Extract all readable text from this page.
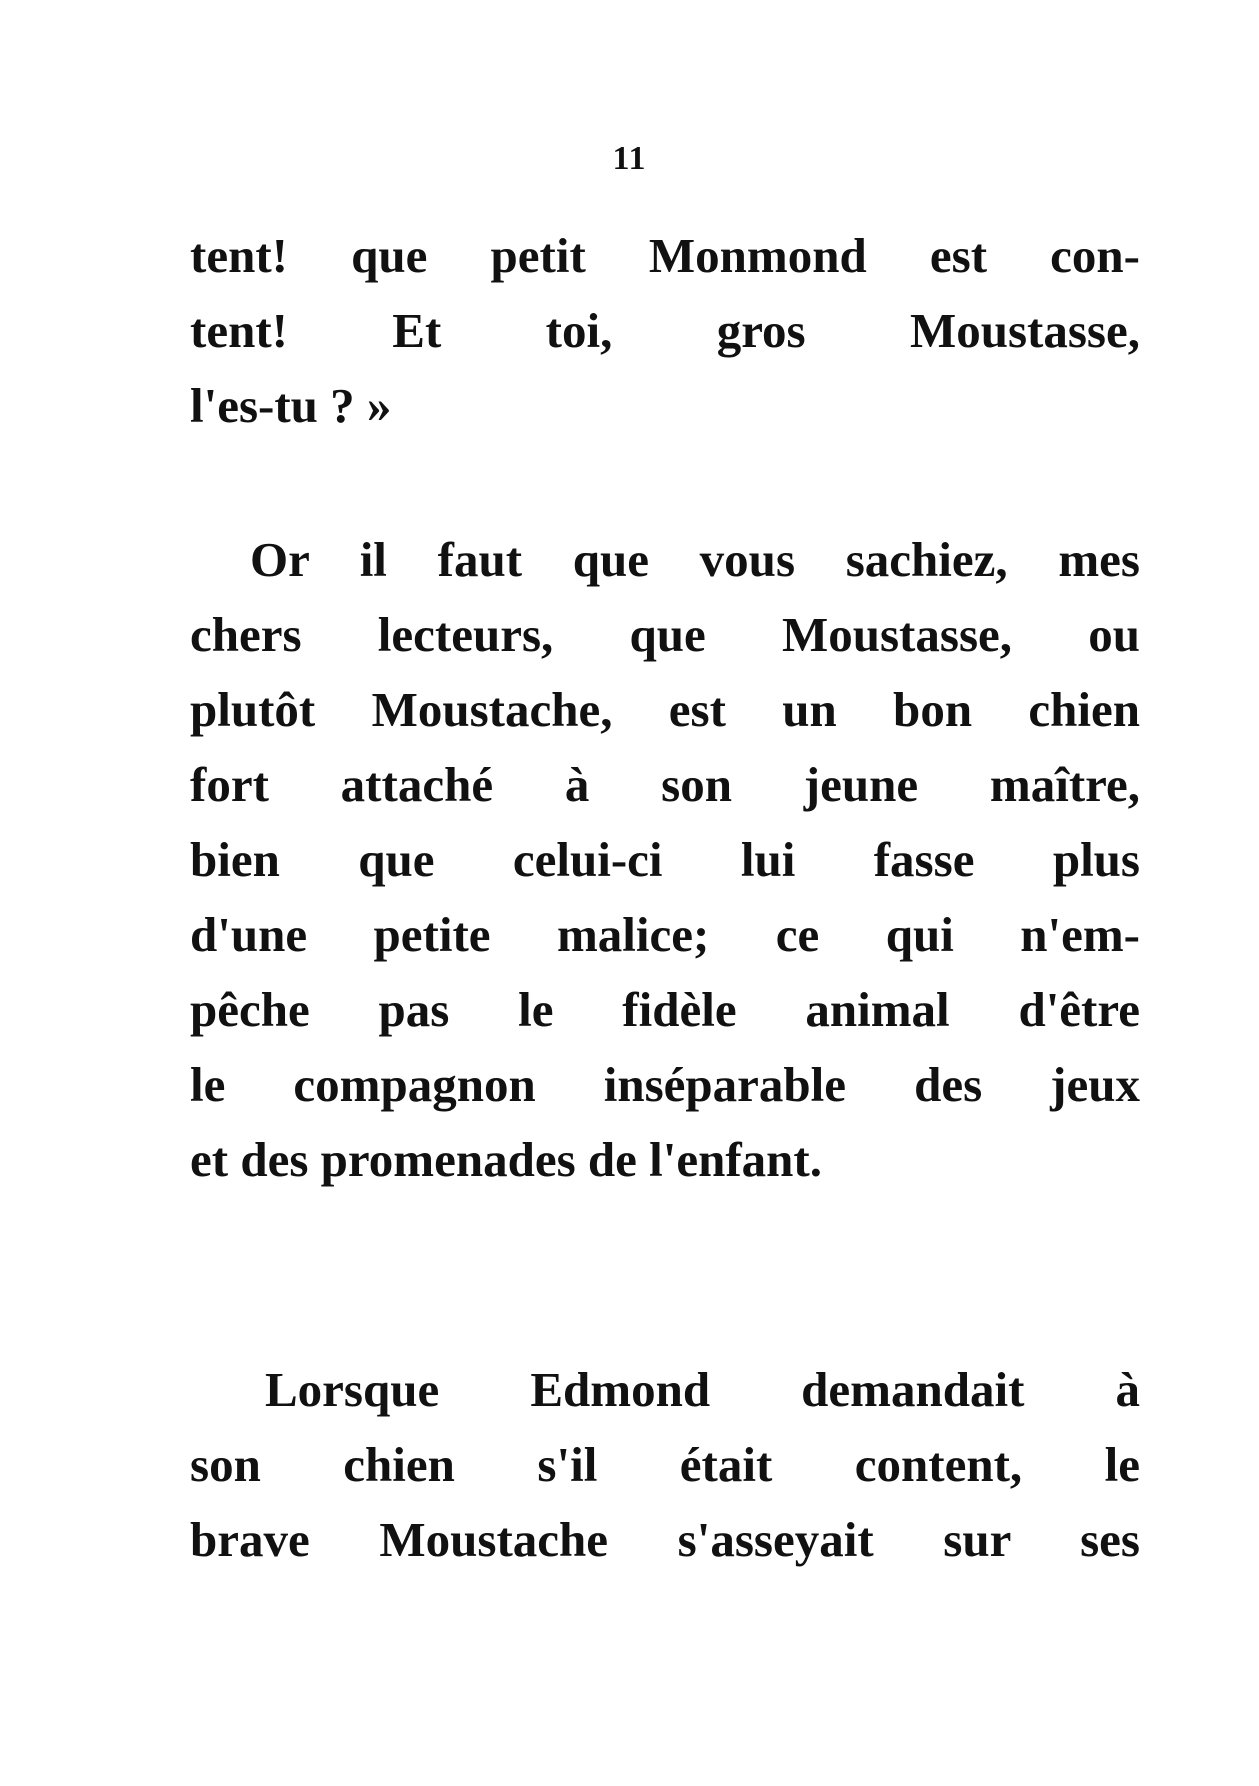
11
tent! que petit Monmond est con-
tent! Et toi, gros Moustasse,
l'es-tu ? »
Or il faut que vous sachiez, mes
chers lecteurs, que Moustasse, ou
plutôt Moustache, est un bon chien
fort attaché à son jeune maître,
bien que celui-ci lui fasse plus
d'une petite malice; ce qui n'em-
pêche pas le fidèle animal d'être
le compagnon inséparable des jeux
et des promenades de l'enfant.
Lorsque Edmond demandait à
son chien s'il était content, le
brave Moustache s'asseyait sur ses
